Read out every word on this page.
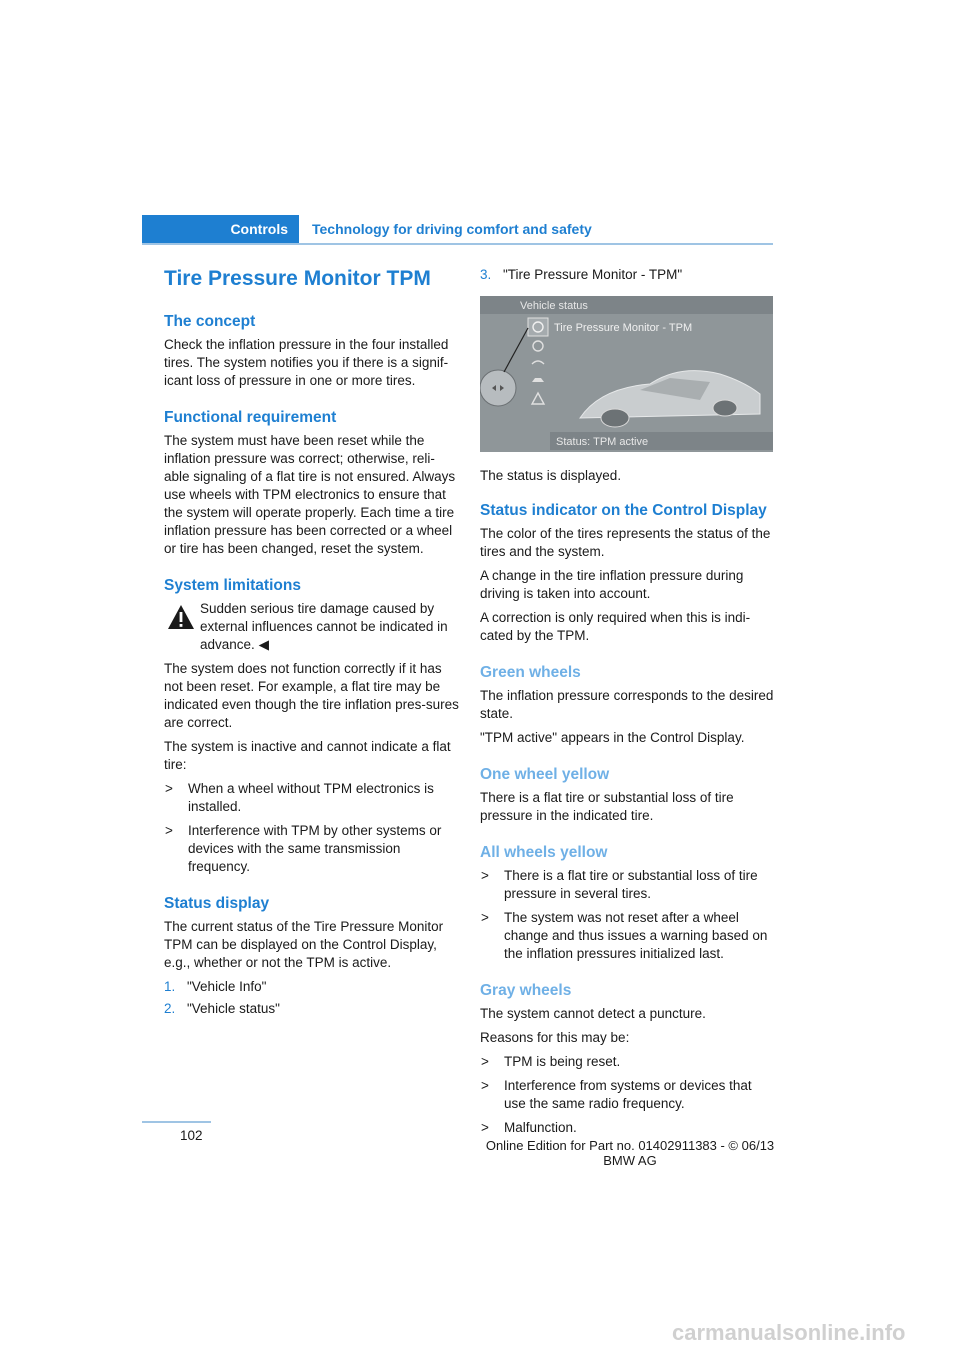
Controls	Technology for driving comfort and safety
Tire Pressure Monitor TPM
The concept

Check the inflation pressure in the four installed tires. The system notifies you if there is a signif-icant loss of pressure in one or more tires.

Functional requirement

The system must have been reset while the inflation pressure was correct; otherwise, reli-able signaling of a flat tire is not ensured. Always use wheels with TPM electronics to ensure that the system will operate properly. Each time a tire inflation pressure has been corrected or a wheel or tire has been changed, reset the system.

System limitations

Sudden serious tire damage caused by external influences cannot be indicated in advance. ◀

The system does not function correctly if it has not been reset. For example, a flat tire may be indicated even though the tire inflation pres-sures are correct.

The system is inactive and cannot indicate a flat tire:

> When a wheel without TPM electronics is installed.
> Interference with TPM by other systems or devices with the same transmission frequency.
Status display

The current status of the Tire Pressure Monitor TPM can be displayed on the Control Display, e.g., whether or not the TPM is active.

1. "Vehicle Info"
2. "Vehicle status"
3. "Tire Pressure Monitor - TPM"
Vehicle status
Tire Pressure Monitor - TPM
Status: TPM active

The status is displayed.

Status indicator on the Control Display

The color of the tires represents the status of the tires and the system.

A change in the tire inflation pressure during driving is taken into account.

A correction is only required when this is indi-cated by the TPM.

Green wheels

The inflation pressure corresponds to the desired state.

"TPM active" appears in the Control Display.

One wheel yellow

There is a flat tire or substantial loss of tire pressure in the indicated tire.

All wheels yellow
> There is a flat tire or substantial loss of tire pressure in several tires.
> The system was not reset after a wheel change and thus issues a warning based on the inflation pressures initialized last.
Gray wheels

The system cannot detect a puncture.

Reasons for this may be:

> TPM is being reset.
> Interference from systems or devices that use the same radio frequency.
> Malfunction.
102
Online Edition for Part no. 01402911383 - © 06/13 BMW AG
carmanualsonline.info
